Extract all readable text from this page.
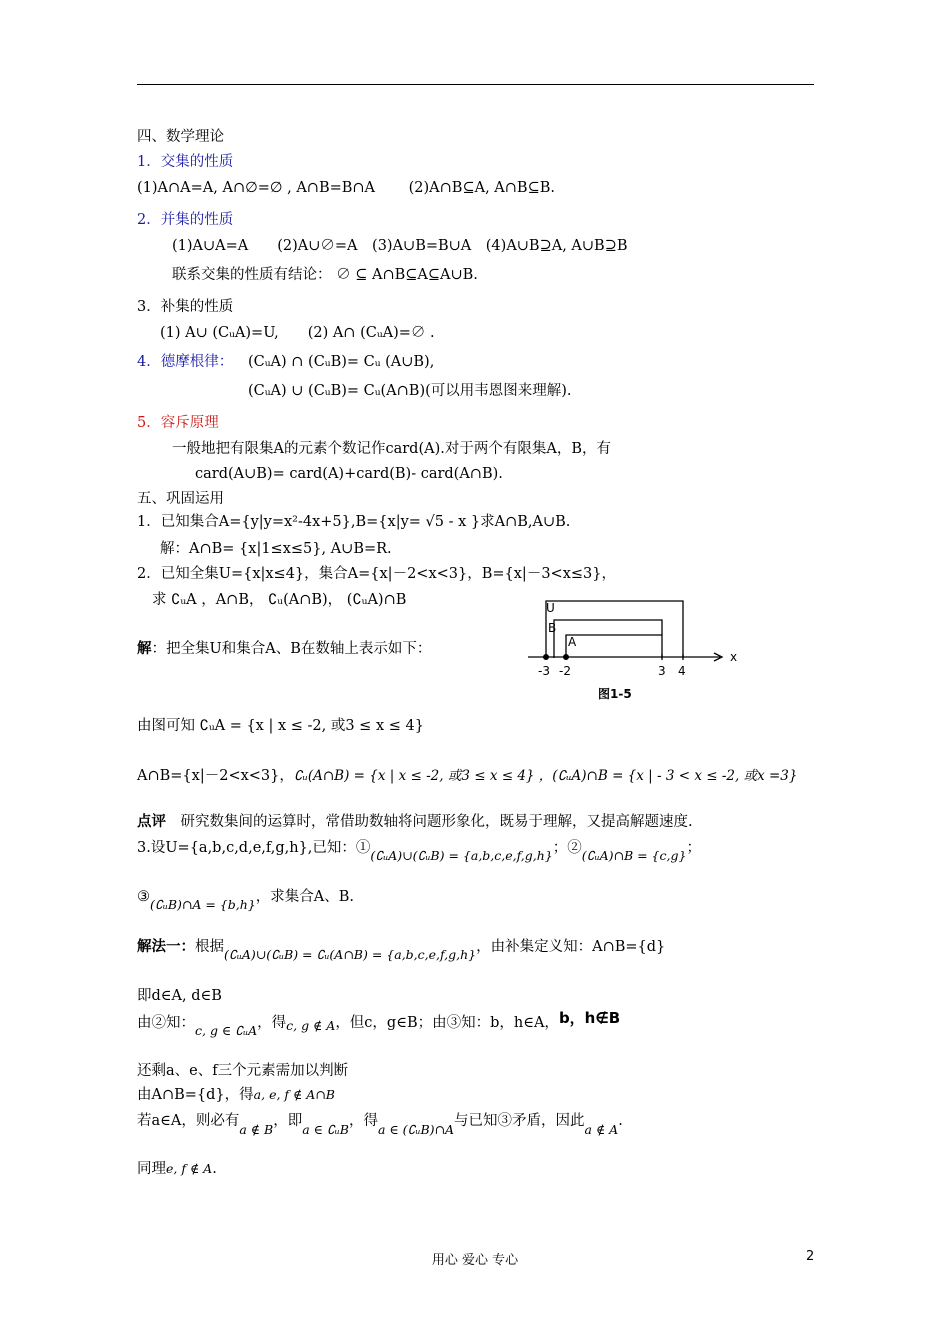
四、数学理论
1．交集的性质
(1)A∩A=A, A∩∅=∅ , A∩B=B∩A　　 (2)A∩B⊆A, A∩B⊆B.
2．并集的性质
(1)A∪A=A　　(2)A∪∅=A　(3)A∪B=B∪A　(4)A∪B⊇A, A∪B⊇B
联系交集的性质有结论： ∅ ⊆ A∩B⊆A⊆A∪B.
3．补集的性质
(1) A∪ (CᵤA)=U,　　(2) A∩ (CᵤA)=∅ .
4．德摩根律： (CᵤA) ∩ (CᵤB)= Cᵤ (A∪B),
(CᵤA) ∪ (CᵤB)= Cᵤ(A∩B)(可以用韦恩图来理解).
5．容斥原理
一般地把有限集A的元素个数记作card(A).对于两个有限集A，B，有
card(A∪B)= card(A)+card(B)- card(A∩B).
五、巩固运用
1．已知集合A={y|y=x²-4x+5},B={x|y= √5 - x }求A∩B,A∪B.
解：A∩B= {x|1≤x≤5}, A∪B=R.
2．已知全集U={x|x≤4}，集合A={x|－2<x<3}，B={x|－3<x≤3}，
求 ∁ᵤA ，A∩B， ∁ᵤ(A∩B)， (∁ᵤA)∩B
解：把全集U和集合A、B在数轴上表示如下：
U
B
A
x
-3 -2	3 4
图1-5
由图可知 ∁ᵤA = {x | x ≤ -2, 或3 ≤ x ≤ 4}
A∩B={x|－2<x<3}，∁ᵤ(A∩B) = {x | x ≤ -2, 或3 ≤ x ≤ 4} ，(∁ᵤA)∩B = {x | - 3 < x ≤ -2, 或x =3}
点评　研究数集间的运算时，常借助数轴将问题形象化，既易于理解，又提高解题速度.
3.设U={a,b,c,d,e,f,g,h},已知：①(∁ᵤA)∪(∁ᵤB) = {a,b,c,e,f,g,h}；②(∁ᵤA)∩B = {c,g}；
③(∁ᵤB)∩A = {b,h}，求集合A、B.
解法一：根据(∁ᵤA)∪(∁ᵤB) = ∁ᵤ(A∩B) = {a,b,c,e,f,g,h}，由补集定义知：A∩B={d}
即d∈A, d∈B
由②知：c, g ∈ ∁ᵤA，得c, g ∉ A，但c，g∈B；由③知：b，h∈A，b，h∉B
还剩a、e、f三个元素需加以判断
由A∩B={d}，得a, e, f ∉ A∩B
若a∈A，则必有a ∉ B，即a ∈ ∁ᵤB，得a ∈ (∁ᵤB)∩A与已知③矛盾，因此a ∉ A.
同理e, f ∉ A.
用心 爱心 专心	2
